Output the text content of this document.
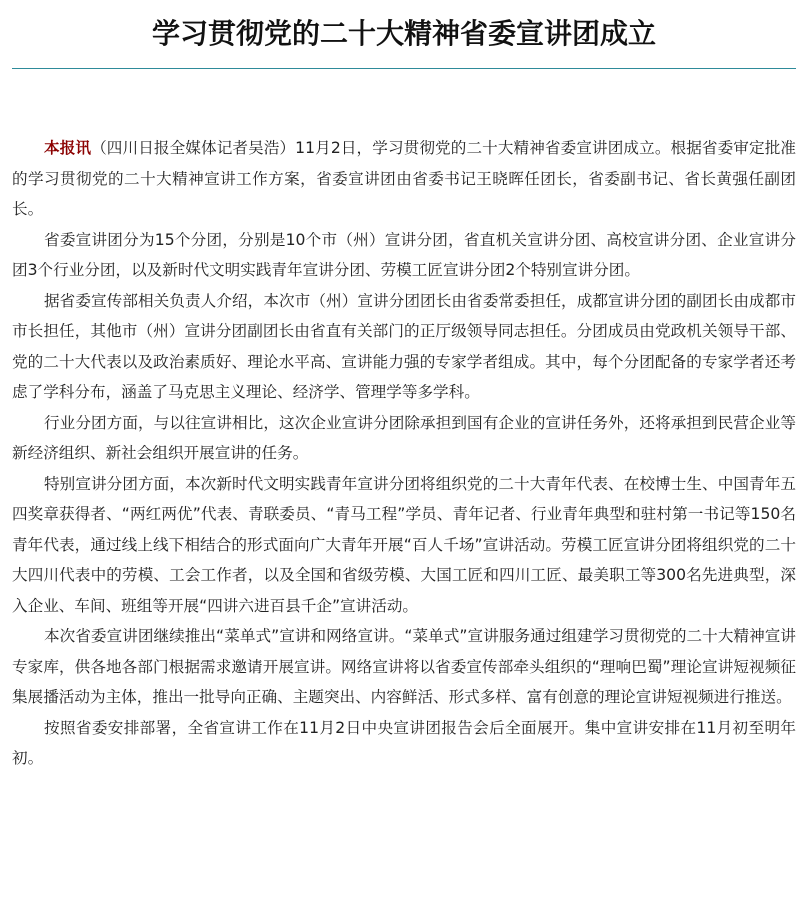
学习贯彻党的二十大精神省委宣讲团成立

本报讯（四川日报全媒体记者吴浩）11月2日，学习贯彻党的二十大精神省委宣讲团成立。根据省委审定批准的学习贯彻党的二十大精神宣讲工作方案，省委宣讲团由省委书记王晓晖任团长，省委副书记、省长黄强任副团长。

省委宣讲团分为15个分团，分别是10个市（州）宣讲分团，省直机关宣讲分团、高校宣讲分团、企业宣讲分团3个行业分团，以及新时代文明实践青年宣讲分团、劳模工匠宣讲分团2个特别宣讲分团。

据省委宣传部相关负责人介绍，本次市（州）宣讲分团团长由省委常委担任，成都宣讲分团的副团长由成都市市长担任，其他市（州）宣讲分团副团长由省直有关部门的正厅级领导同志担任。分团成员由党政机关领导干部、党的二十大代表以及政治素质好、理论水平高、宣讲能力强的专家学者组成。其中，每个分团配备的专家学者还考虑了学科分布，涵盖了马克思主义理论、经济学、管理学等多学科。

行业分团方面，与以往宣讲相比，这次企业宣讲分团除承担到国有企业的宣讲任务外，还将承担到民营企业等新经济组织、新社会组织开展宣讲的任务。

特别宣讲分团方面，本次新时代文明实践青年宣讲分团将组织党的二十大青年代表、在校博士生、中国青年五四奖章获得者、“两红两优”代表、青联委员、“青马工程”学员、青年记者、行业青年典型和驻村第一书记等150名青年代表，通过线上线下相结合的形式面向广大青年开展“百人千场”宣讲活动。劳模工匠宣讲分团将组织党的二十大四川代表中的劳模、工会工作者，以及全国和省级劳模、大国工匠和四川工匠、最美职工等300名先进典型，深入企业、车间、班组等开展“四讲六进百县千企”宣讲活动。

本次省委宣讲团继续推出“菜单式”宣讲和网络宣讲。“菜单式”宣讲服务通过组建学习贯彻党的二十大精神宣讲专家库，供各地各部门根据需求邀请开展宣讲。网络宣讲将以省委宣传部牵头组织的“理响巴蜀”理论宣讲短视频征集展播活动为主体，推出一批导向正确、主题突出、内容鲜活、形式多样、富有创意的理论宣讲短视频进行推送。

按照省委安排部署，全省宣讲工作在11月2日中央宣讲团报告会后全面展开。集中宣讲安排在11月初至明年初。
